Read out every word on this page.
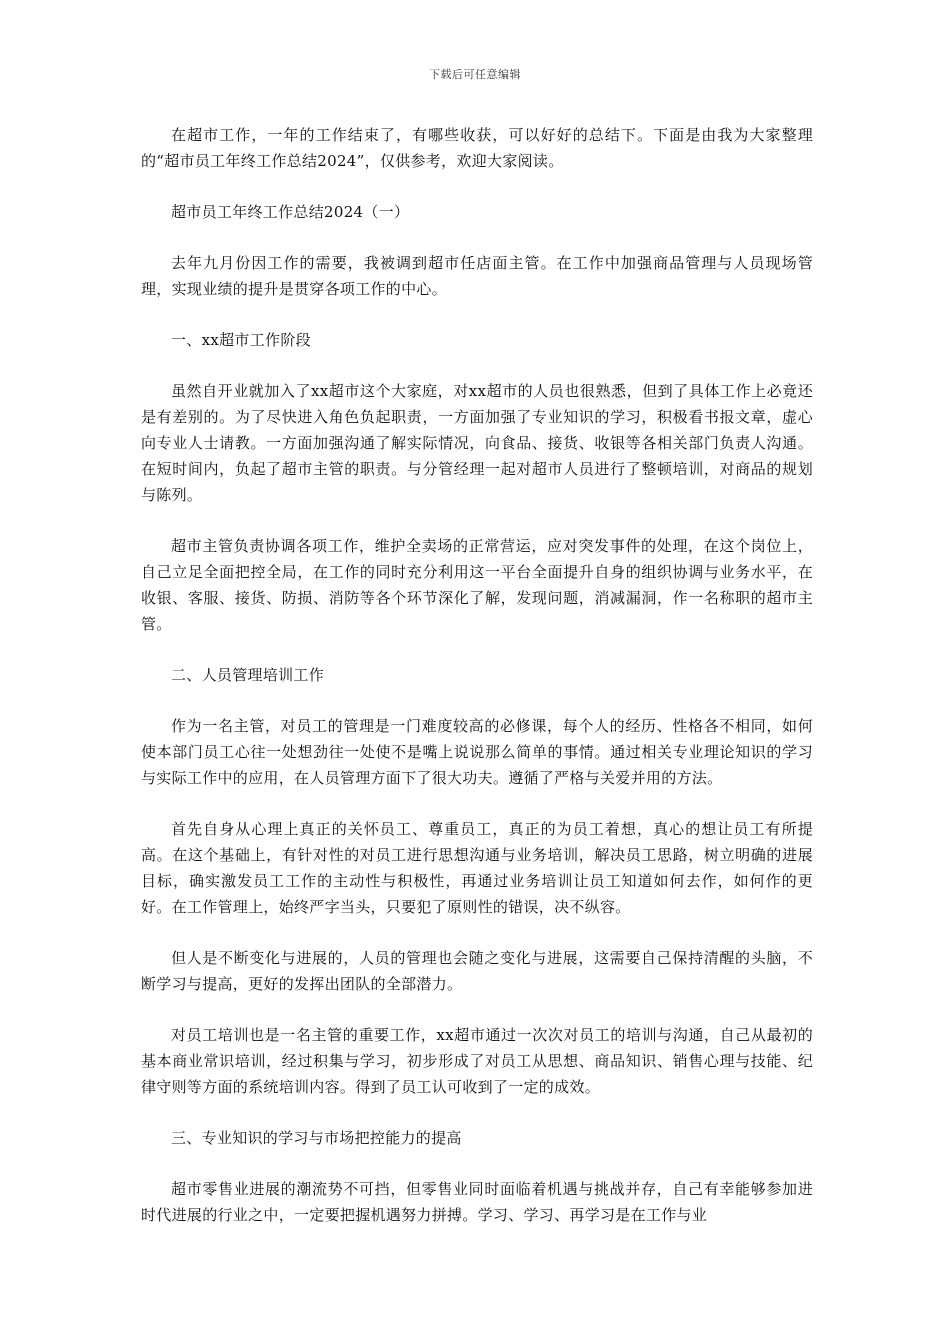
下载后可任意编辑

在超市工作，一年的工作结束了，有哪些收获，可以好好的总结下。下面是由我为大家整理的“超市员工年终工作总结2024”，仅供参考，欢迎大家阅读。

超市员工年终工作总结2024（一）

去年九月份因工作的需要，我被调到超市任店面主管。在工作中加强商品管理与人员现场管理，实现业绩的提升是贯穿各项工作的中心。

一、xx超市工作阶段

虽然自开业就加入了xx超市这个大家庭，对xx超市的人员也很熟悉，但到了具体工作上必竟还是有差别的。为了尽快进入角色负起职责，一方面加强了专业知识的学习，积极看书报文章，虚心向专业人士请教。一方面加强沟通了解实际情况，向食品、接货、收银等各相关部门负责人沟通。在短时间内，负起了超市主管的职责。与分管经理一起对超市人员进行了整顿培训，对商品的规划与陈列。

超市主管负责协调各项工作，维护全卖场的正常营运，应对突发事件的处理，在这个岗位上，自己立足全面把控全局，在工作的同时充分利用这一平台全面提升自身的组织协调与业务水平，在收银、客服、接货、防损、消防等各个环节深化了解，发现问题，消减漏洞，作一名称职的超市主管。

二、人员管理培训工作

作为一名主管，对员工的管理是一门难度较高的必修课，每个人的经历、性格各不相同，如何使本部门员工心往一处想劲往一处使不是嘴上说说那么简单的事情。通过相关专业理论知识的学习与实际工作中的应用，在人员管理方面下了很大功夫。遵循了严格与关爱并用的方法。

首先自身从心理上真正的关怀员工、尊重员工，真正的为员工着想，真心的想让员工有所提高。在这个基础上，有针对性的对员工进行思想沟通与业务培训，解决员工思路，树立明确的进展目标，确实激发员工工作的主动性与积极性，再通过业务培训让员工知道如何去作，如何作的更好。在工作管理上，始终严字当头，只要犯了原则性的错误，决不纵容。

但人是不断变化与进展的，人员的管理也会随之变化与进展，这需要自己保持清醒的头脑，不断学习与提高，更好的发挥出团队的全部潜力。

对员工培训也是一名主管的重要工作，xx超市通过一次次对员工的培训与沟通，自己从最初的基本商业常识培训，经过积集与学习，初步形成了对员工从思想、商品知识、销售心理与技能、纪律守则等方面的系统培训内容。得到了员工认可收到了一定的成效。

三、专业知识的学习与市场把控能力的提高

超市零售业进展的潮流势不可挡，但零售业同时面临着机遇与挑战并存，自己有幸能够参加进时代进展的行业之中，一定要把握机遇努力拼搏。学习、学习、再学习是在工作与业
